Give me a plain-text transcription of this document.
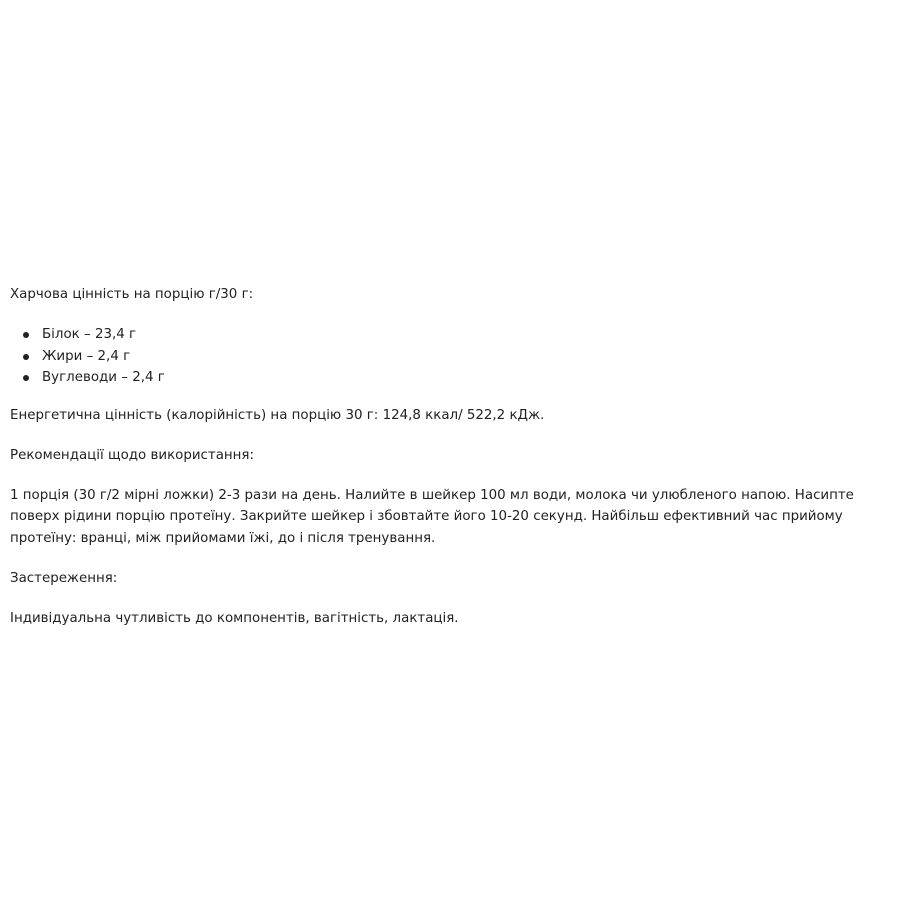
Харчова цінність на порцію г/30 г:

Білок – 23,4 г
Жири – 2,4 г
Вуглеводи – 2,4 г

Енергетична цінність (калорійність) на порцію 30 г: 124,8 ккал/ 522,2 кДж.

Рекомендації щодо використання:

1 порція (30 г/2 мірні ложки) 2-3 рази на день. Налийте в шейкер 100 мл води, молока чи улюбленого напою. Насипте поверх рідини порцію протеїну. Закрийте шейкер і збовтайте його 10-20 секунд. Найбільш ефективний час прийому протеїну: вранці, між прийомами їжі, до і після тренування.

Застереження:

Індивідуальна чутливість до компонентів, вагітність, лактація.
